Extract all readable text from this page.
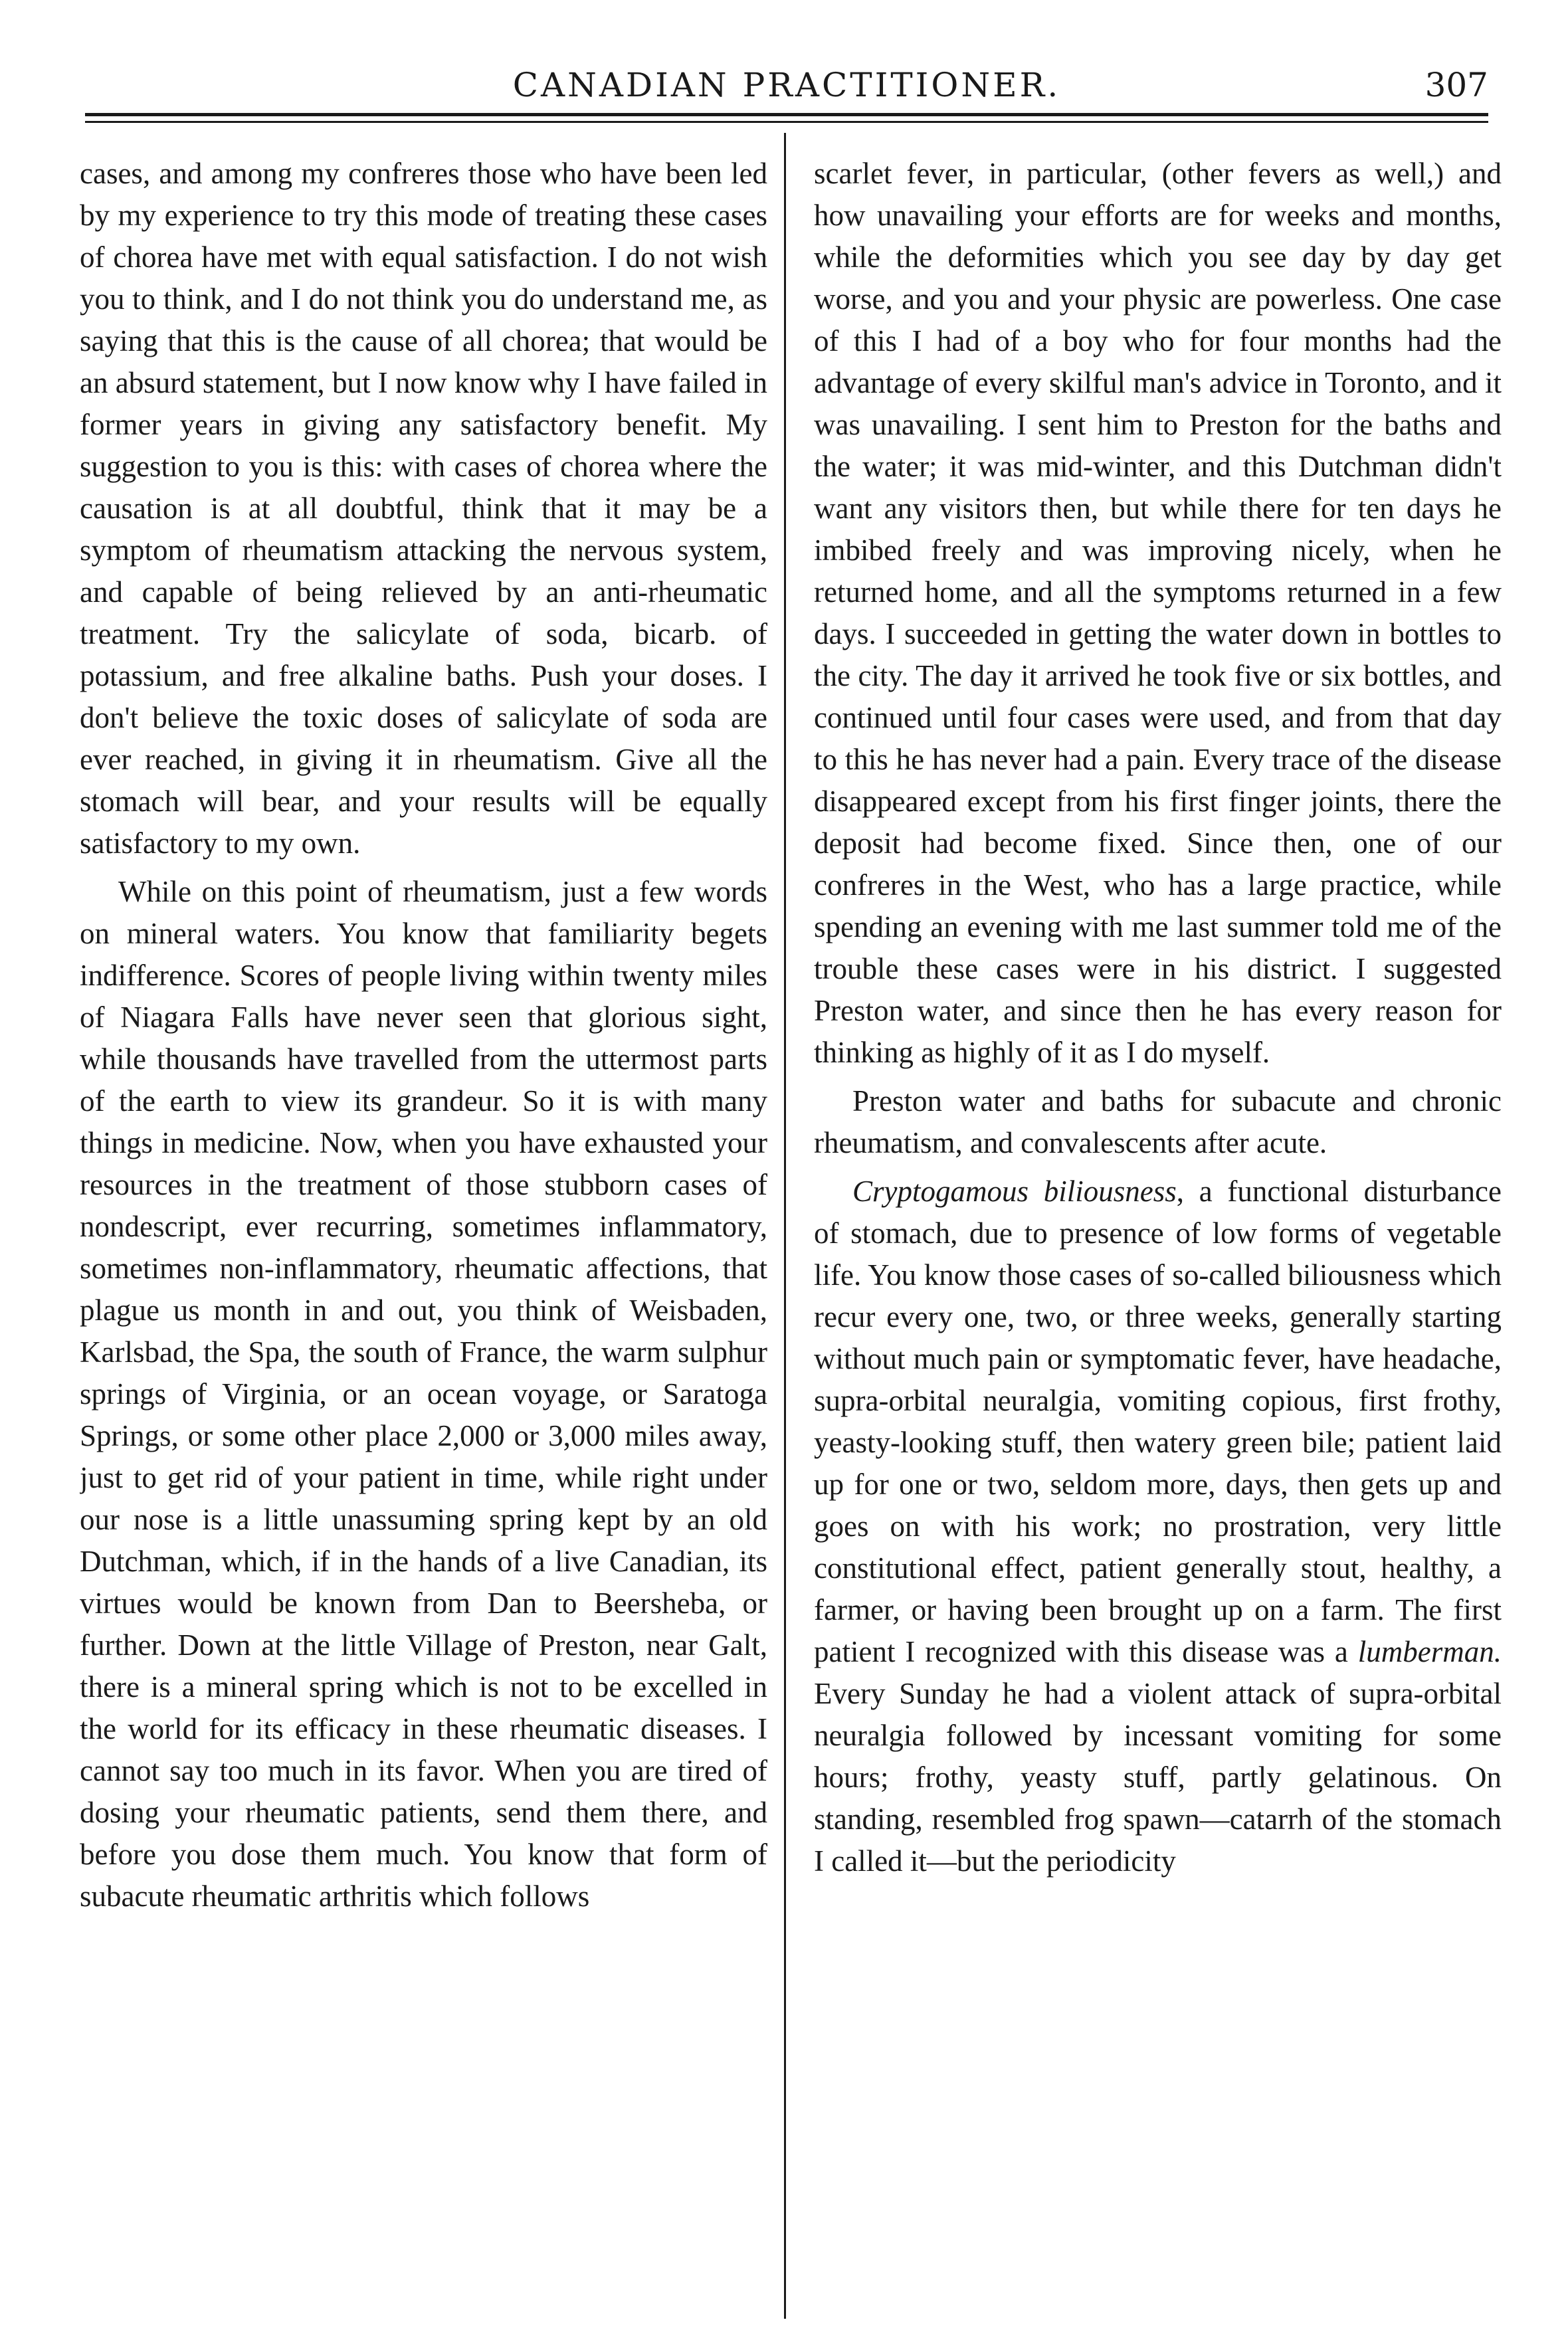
CANADIAN PRACTITIONER.	307

cases, and among my confreres those who have been led by my experience to try this mode of treating these cases of chorea have met with equal satisfaction. I do not wish you to think, and I do not think you do understand me, as saying that this is the cause of all chorea; that would be an absurd statement, but I now know why I have failed in former years in giving any satisfactory benefit. My suggestion to you is this: with cases of chorea where the causation is at all doubtful, think that it may be a symptom of rheumatism attacking the nervous system, and capable of being relieved by an anti-rheumatic treatment. Try the salicylate of soda, bicarb. of potassium, and free alkaline baths. Push your doses. I don't believe the toxic doses of salicylate of soda are ever reached, in giving it in rheumatism. Give all the stomach will bear, and your results will be equally satisfactory to my own.

While on this point of rheumatism, just a few words on mineral waters. You know that familiarity begets indifference. Scores of people living within twenty miles of Niagara Falls have never seen that glorious sight, while thousands have travelled from the uttermost parts of the earth to view its grandeur. So it is with many things in medicine. Now, when you have exhausted your resources in the treatment of those stubborn cases of nondescript, ever recurring, sometimes inflammatory, sometimes non-inflammatory, rheumatic affections, that plague us month in and out, you think of Weisbaden, Karlsbad, the Spa, the south of France, the warm sulphur springs of Virginia, or an ocean voyage, or Saratoga Springs, or some other place 2,000 or 3,000 miles away, just to get rid of your patient in time, while right under our nose is a little unassuming spring kept by an old Dutchman, which, if in the hands of a live Canadian, its virtues would be known from Dan to Beersheba, or further. Down at the little Village of Preston, near Galt, there is a mineral spring which is not to be excelled in the world for its efficacy in these rheumatic diseases. I cannot say too much in its favor. When you are tired of dosing your rheumatic patients, send them there, and before you dose them much. You know that form of subacute rheumatic arthritis which follows

scarlet fever, in particular, (other fevers as well,) and how unavailing your efforts are for weeks and months, while the deformities which you see day by day get worse, and you and your physic are powerless. One case of this I had of a boy who for four months had the advantage of every skilful man's advice in Toronto, and it was unavailing. I sent him to Preston for the baths and the water; it was mid-winter, and this Dutchman didn't want any visitors then, but while there for ten days he imbibed freely and was improving nicely, when he returned home, and all the symptoms returned in a few days. I succeeded in getting the water down in bottles to the city. The day it arrived he took five or six bottles, and continued until four cases were used, and from that day to this he has never had a pain. Every trace of the disease disappeared except from his first finger joints, there the deposit had become fixed. Since then, one of our confreres in the West, who has a large practice, while spending an evening with me last summer told me of the trouble these cases were in his district. I suggested Preston water, and since then he has every reason for thinking as highly of it as I do myself.

Preston water and baths for subacute and chronic rheumatism, and convalescents after acute.

Cryptogamous biliousness, a functional disturbance of stomach, due to presence of low forms of vegetable life. You know those cases of so-called biliousness which recur every one, two, or three weeks, generally starting without much pain or symptomatic fever, have headache, supra-orbital neuralgia, vomiting copious, first frothy, yeasty-looking stuff, then watery green bile; patient laid up for one or two, seldom more, days, then gets up and goes on with his work; no prostration, very little constitutional effect, patient generally stout, healthy, a farmer, or having been brought up on a farm. The first patient I recognized with this disease was a lumberman. Every Sunday he had a violent attack of supra-orbital neuralgia followed by incessant vomiting for some hours; frothy, yeasty stuff, partly gelatinous. On standing, resembled frog spawn—catarrh of the stomach I called it—but the periodicity
